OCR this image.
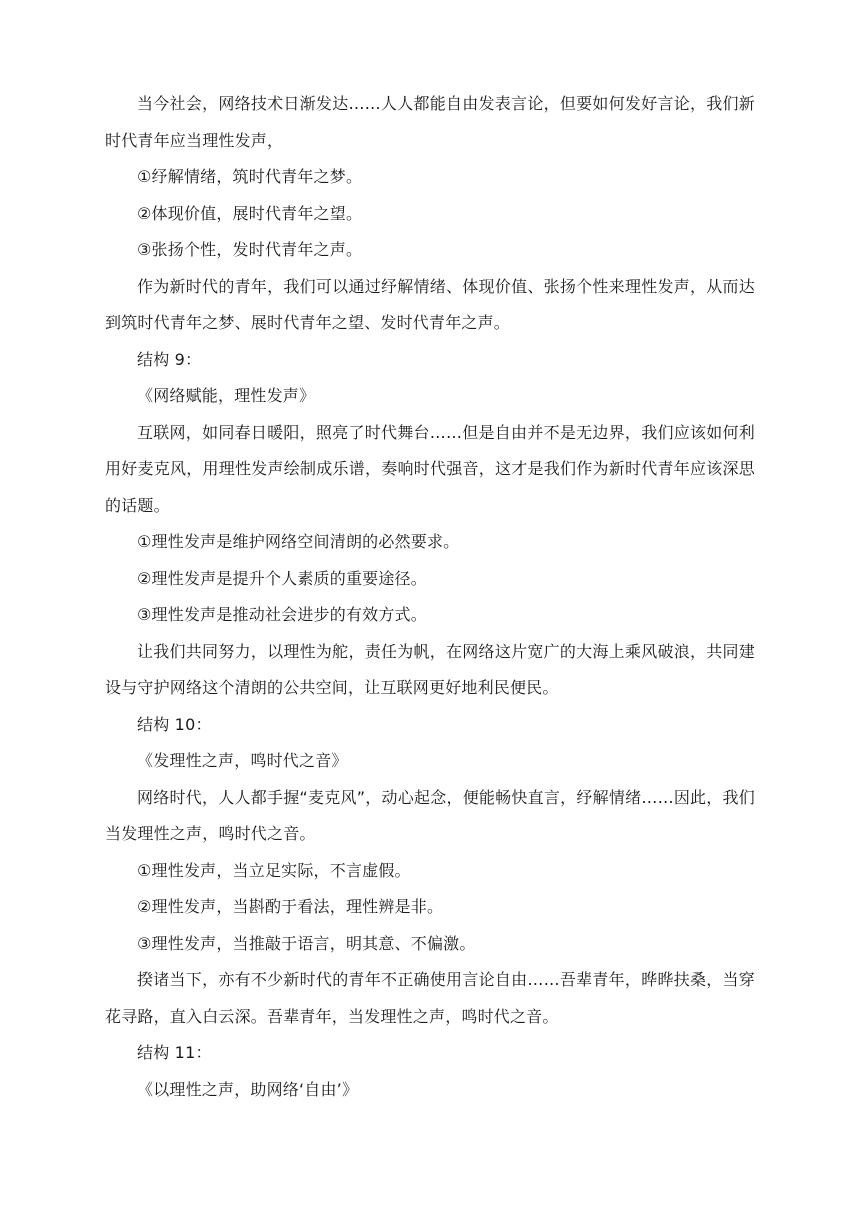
当今社会，网络技术日渐发达……人人都能自由发表言论，但要如何发好言论，我们新时代青年应当理性发声，

①纾解情绪，筑时代青年之梦。

②体现价值，展时代青年之望。

③张扬个性，发时代青年之声。

作为新时代的青年，我们可以通过纾解情绪、体现价值、张扬个性来理性发声，从而达到筑时代青年之梦、展时代青年之望、发时代青年之声。

结构 9：

《网络赋能，理性发声》

互联网，如同春日暖阳，照亮了时代舞台……但是自由并不是无边界，我们应该如何利用好麦克风，用理性发声绘制成乐谱，奏响时代强音，这才是我们作为新时代青年应该深思的话题。

①理性发声是维护网络空间清朗的必然要求。

②理性发声是提升个人素质的重要途径。

③理性发声是推动社会进步的有效方式。

让我们共同努力，以理性为舵，责任为帆，在网络这片宽广的大海上乘风破浪，共同建设与守护网络这个清朗的公共空间，让互联网更好地利民便民。

结构 10：

《发理性之声，鸣时代之音》

网络时代，人人都手握“麦克风”，动心起念，便能畅快直言，纾解情绪……因此，我们当发理性之声，鸣时代之音。

①理性发声，当立足实际，不言虚假。

②理性发声，当斟酌于看法，理性辨是非。

③理性发声，当推敲于语言，明其意、不偏激。

揆诸当下，亦有不少新时代的青年不正确使用言论自由……吾辈青年，晔晔扶桑，当穿花寻路，直入白云深。吾辈青年，当发理性之声，鸣时代之音。

结构 11：

《以理性之声，助网络‘自由’》
